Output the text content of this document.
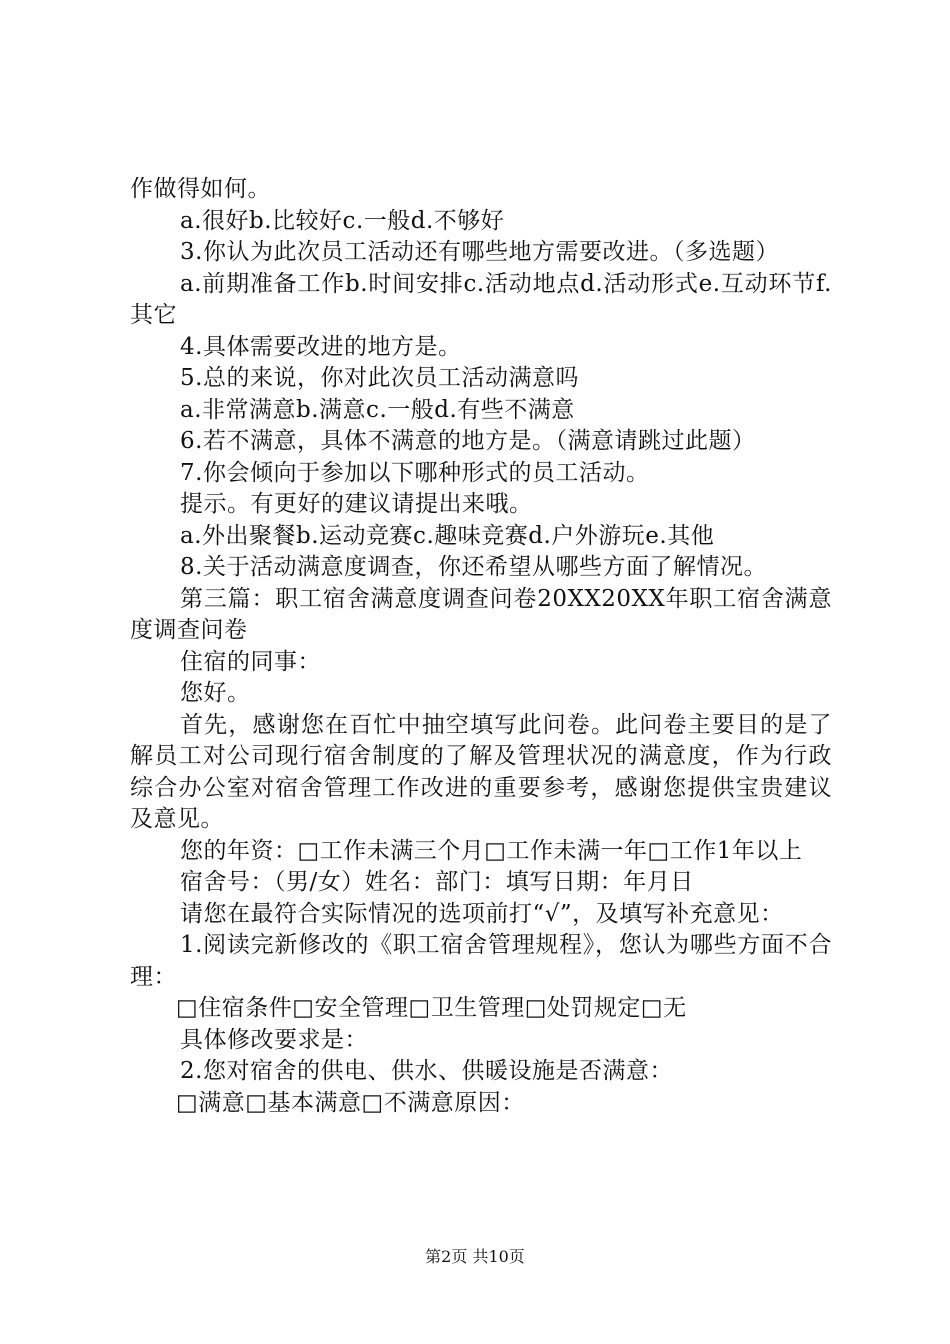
作做得如何。
a.很好b.比较好c.一般d.不够好
3.你认为此次员工活动还有哪些地方需要改进。（多选题）
a.前期准备工作b.时间安排c.活动地点d.活动形式e.互动环节f.其它
4.具体需要改进的地方是。
5.总的来说，你对此次员工活动满意吗
a.非常满意b.满意c.一般d.有些不满意
6.若不满意，具体不满意的地方是。（满意请跳过此题）
7.你会倾向于参加以下哪种形式的员工活动。
提示。有更好的建议请提出来哦。
a.外出聚餐b.运动竞赛c.趣味竞赛d.户外游玩e.其他
8.关于活动满意度调查，你还希望从哪些方面了解情况。
第三篇：职工宿舍满意度调查问卷20XX20XX年职工宿舍满意度调查问卷
住宿的同事：
您好。
首先，感谢您在百忙中抽空填写此问卷。此问卷主要目的是了解员工对公司现行宿舍制度的了解及管理状况的满意度，作为行政综合办公室对宿舍管理工作改进的重要参考，感谢您提供宝贵建议及意见。
您的年资：□工作未满三个月□工作未满一年□工作1年以上
宿舍号：（男/女）姓名：部门：填写日期：年月日
请您在最符合实际情况的选项前打“√”，及填写补充意见：
1.阅读完新修改的《职工宿舍管理规程》，您认为哪些方面不合理：
□住宿条件□安全管理□卫生管理□处罚规定□无
具体修改要求是：
2.您对宿舍的供电、供水、供暖设施是否满意：
□满意□基本满意□不满意原因：
第2页 共10页
